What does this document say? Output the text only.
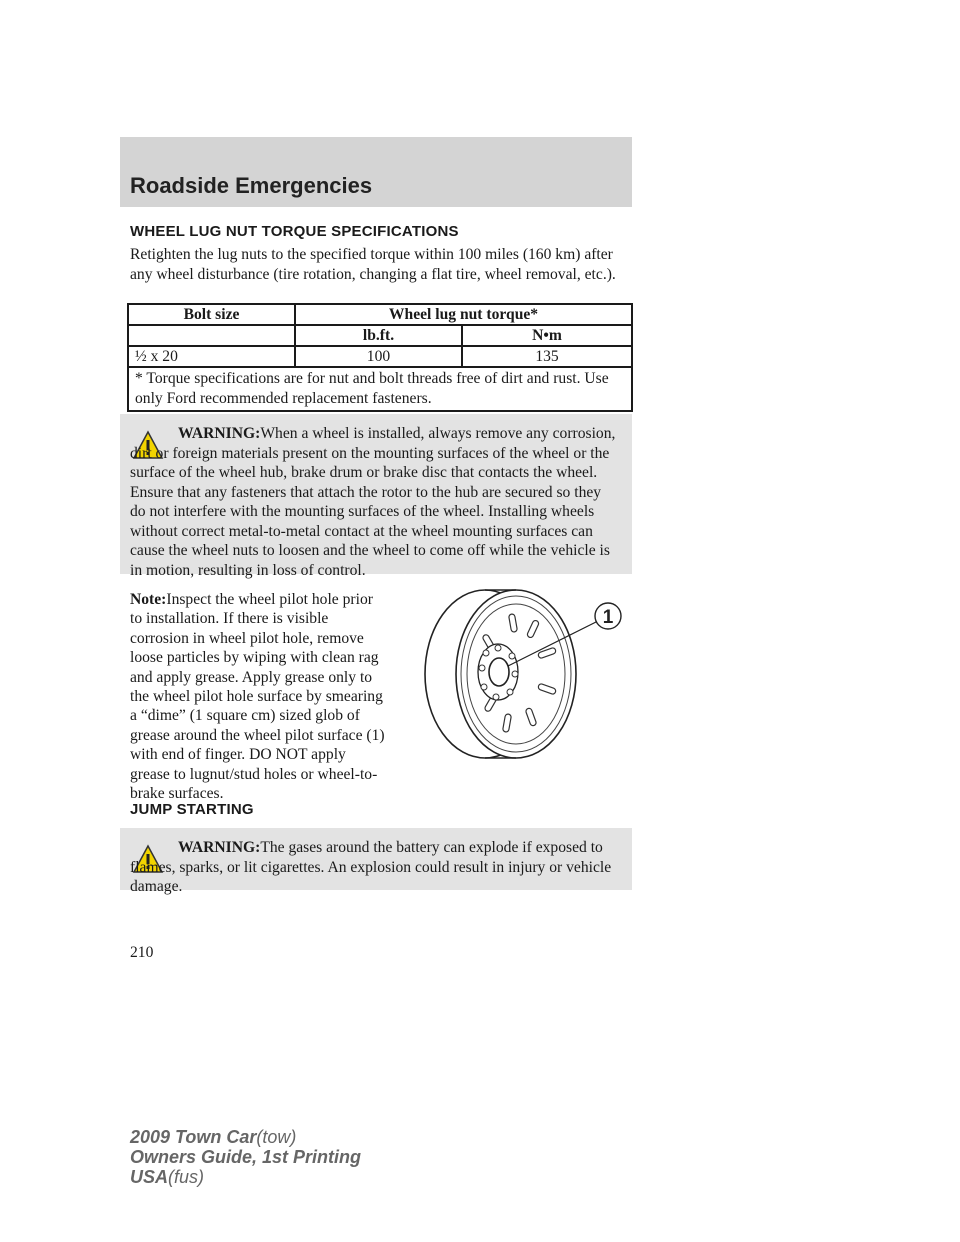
Roadside Emergencies
WHEEL LUG NUT TORQUE SPECIFICATIONS
Retighten the lug nuts to the specified torque within 100 miles (160 km) after any wheel disturbance (tire rotation, changing a flat tire, wheel removal, etc.).
Bolt size	Wheel lug nut torque*	
	lb.ft.	N•m
½ x 20	100	135
* Torque specifications are for nut and bolt threads free of dirt and rust. Use only Ford recommended replacement fasteners.		
WARNING:When a wheel is installed, always remove any corrosion, dirt or foreign materials present on the mounting surfaces of the wheel or the surface of the wheel hub, brake drum or brake disc that contacts the wheel. Ensure that any fasteners that attach the rotor to the hub are secured so they do not interfere with the mounting surfaces of the wheel. Installing wheels without correct metal-to-metal contact at the wheel mounting surfaces can cause the wheel nuts to loosen and the wheel to come off while the vehicle is in motion, resulting in loss of control.
Note:Inspect the wheel pilot hole prior to installation. If there is visible corrosion in wheel pilot hole, remove loose particles by wiping with clean rag and apply grease. Apply grease only to the wheel pilot hole surface by smearing a “dime” (1 square cm) sized glob of grease around the wheel pilot surface (1) with end of finger. DO NOT apply grease to lugnut/stud holes or wheel-to-brake surfaces.
1
JUMP STARTING
WARNING:The gases around the battery can explode if exposed to flames, sparks, or lit cigarettes. An explosion could result in injury or vehicle damage.
210
2009 Town Car(tow)
Owners Guide, 1st Printing
USA(fus)
